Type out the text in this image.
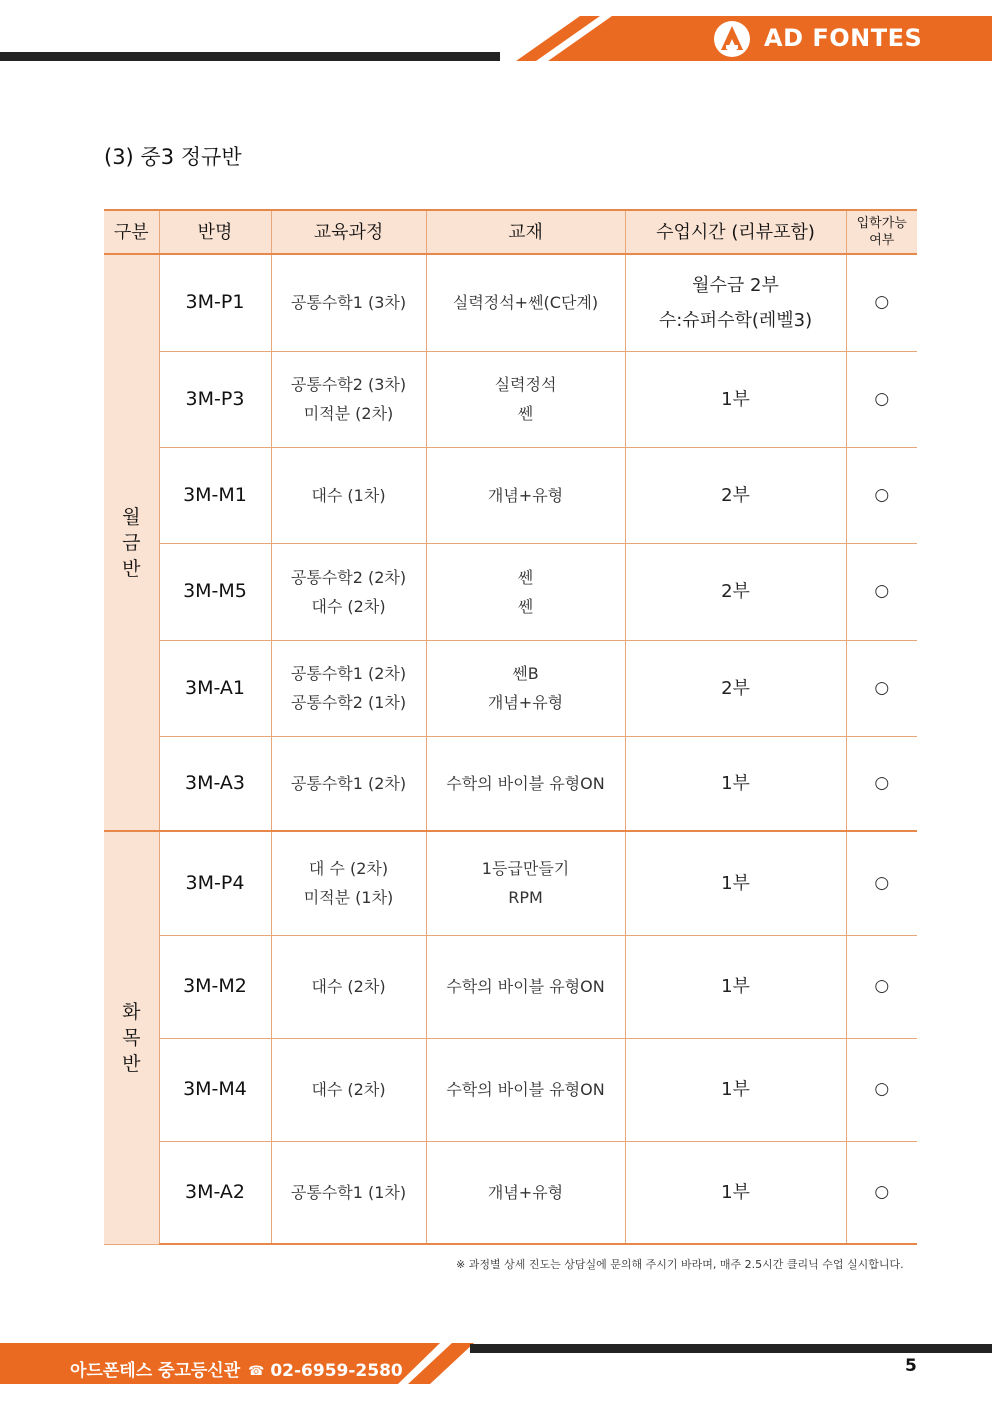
AD FONTES
(3) 중3 정규반
구분	반명	교육과정	교재	수업시간 (리뷰포함)	입학가능
여부

월
금
반	3M-P1	공통수학1 (3차)	실력정석+쎈(C단계)	월수금 2부
수:슈퍼수학(레벨3)	○
	3M-P3	공통수학2 (3차)
미적분 (2차)	실력정석
쎈	1부	○
	3M-M1	대수 (1차)	개념+유형	2부	○
	3M-M5	공통수학2 (2차)
대수 (2차)	쎈
쎈	2부	○
	3M-A1	공통수학1 (2차)
공통수학2 (1차)	쎈B
개념+유형	2부	○
	3M-A3	공통수학1 (2차)	수학의 바이블 유형ON	1부	○

화
목
반	3M-P4	대 수 (2차)
미적분 (1차)	1등급만들기
RPM	1부	○
	3M-M2	대수 (2차)	수학의 바이블 유형ON	1부	○
	3M-M4	대수 (2차)	수학의 바이블 유형ON	1부	○
	3M-A2	공통수학1 (1차)	개념+유형	1부	○
※ 과정별 상세 진도는 상담실에 문의해 주시기 바라며, 매주 2.5시간 클리닉 수업 실시합니다.
아드폰테스 중고등신관 ☎ 02-6959-2580	5
